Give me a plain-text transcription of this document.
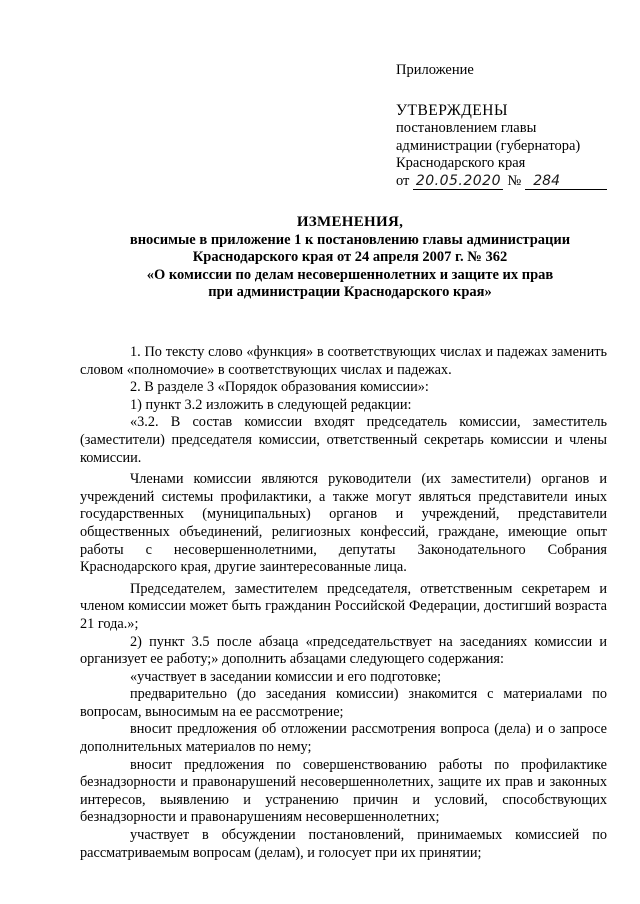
Приложение
УТВЕРЖДЕНЫ
постановлением главы
администрации (губернатора)
Краснодарского края
от 20.05.2020 № 284
ИЗМЕНЕНИЯ,
вносимые в приложение 1 к постановлению главы администрации
Краснодарского края от 24 апреля 2007 г. № 362
«О комиссии по делам несовершеннолетних и защите их прав
при администрации Краснодарского края»

1. По тексту слово «функция» в соответствующих числах и падежах заменить словом «полномочие» в соответствующих числах и падежах.

2. В разделе 3 «Порядок образования комиссии»:

1) пункт 3.2 изложить в следующей редакции:

«3.2. В состав комиссии входят председатель комиссии, заместитель (заместители) председателя комиссии, ответственный секретарь комиссии и члены комиссии.

Членами комиссии являются руководители (их заместители) органов и учреждений системы профилактики, а также могут являться представители иных государственных (муниципальных) органов и учреждений, представители общественных объединений, религиозных конфессий, граждане, имеющие опыт работы с несовершеннолетними, депутаты Законодательного Собрания Краснодарского края, другие заинтересованные лица.

Председателем, заместителем председателя, ответственным секретарем и членом комиссии может быть гражданин Российской Федерации, достигший возраста 21 года.»;

2) пункт 3.5 после абзаца «председательствует на заседаниях комиссии и организует ее работу;» дополнить абзацами следующего содержания:

«участвует в заседании комиссии и его подготовке;

предварительно (до заседания комиссии) знакомится с материалами по вопросам, выносимым на ее рассмотрение;

вносит предложения об отложении рассмотрения вопроса (дела) и о запросе дополнительных материалов по нему;

вносит предложения по совершенствованию работы по профилактике безнадзорности и правонарушений несовершеннолетних, защите их прав и законных интересов, выявлению и устранению причин и условий, способствующих безнадзорности и правонарушениям несовершеннолетних;

участвует в обсуждении постановлений, принимаемых комиссией по рассматриваемым вопросам (делам), и голосует при их принятии;
